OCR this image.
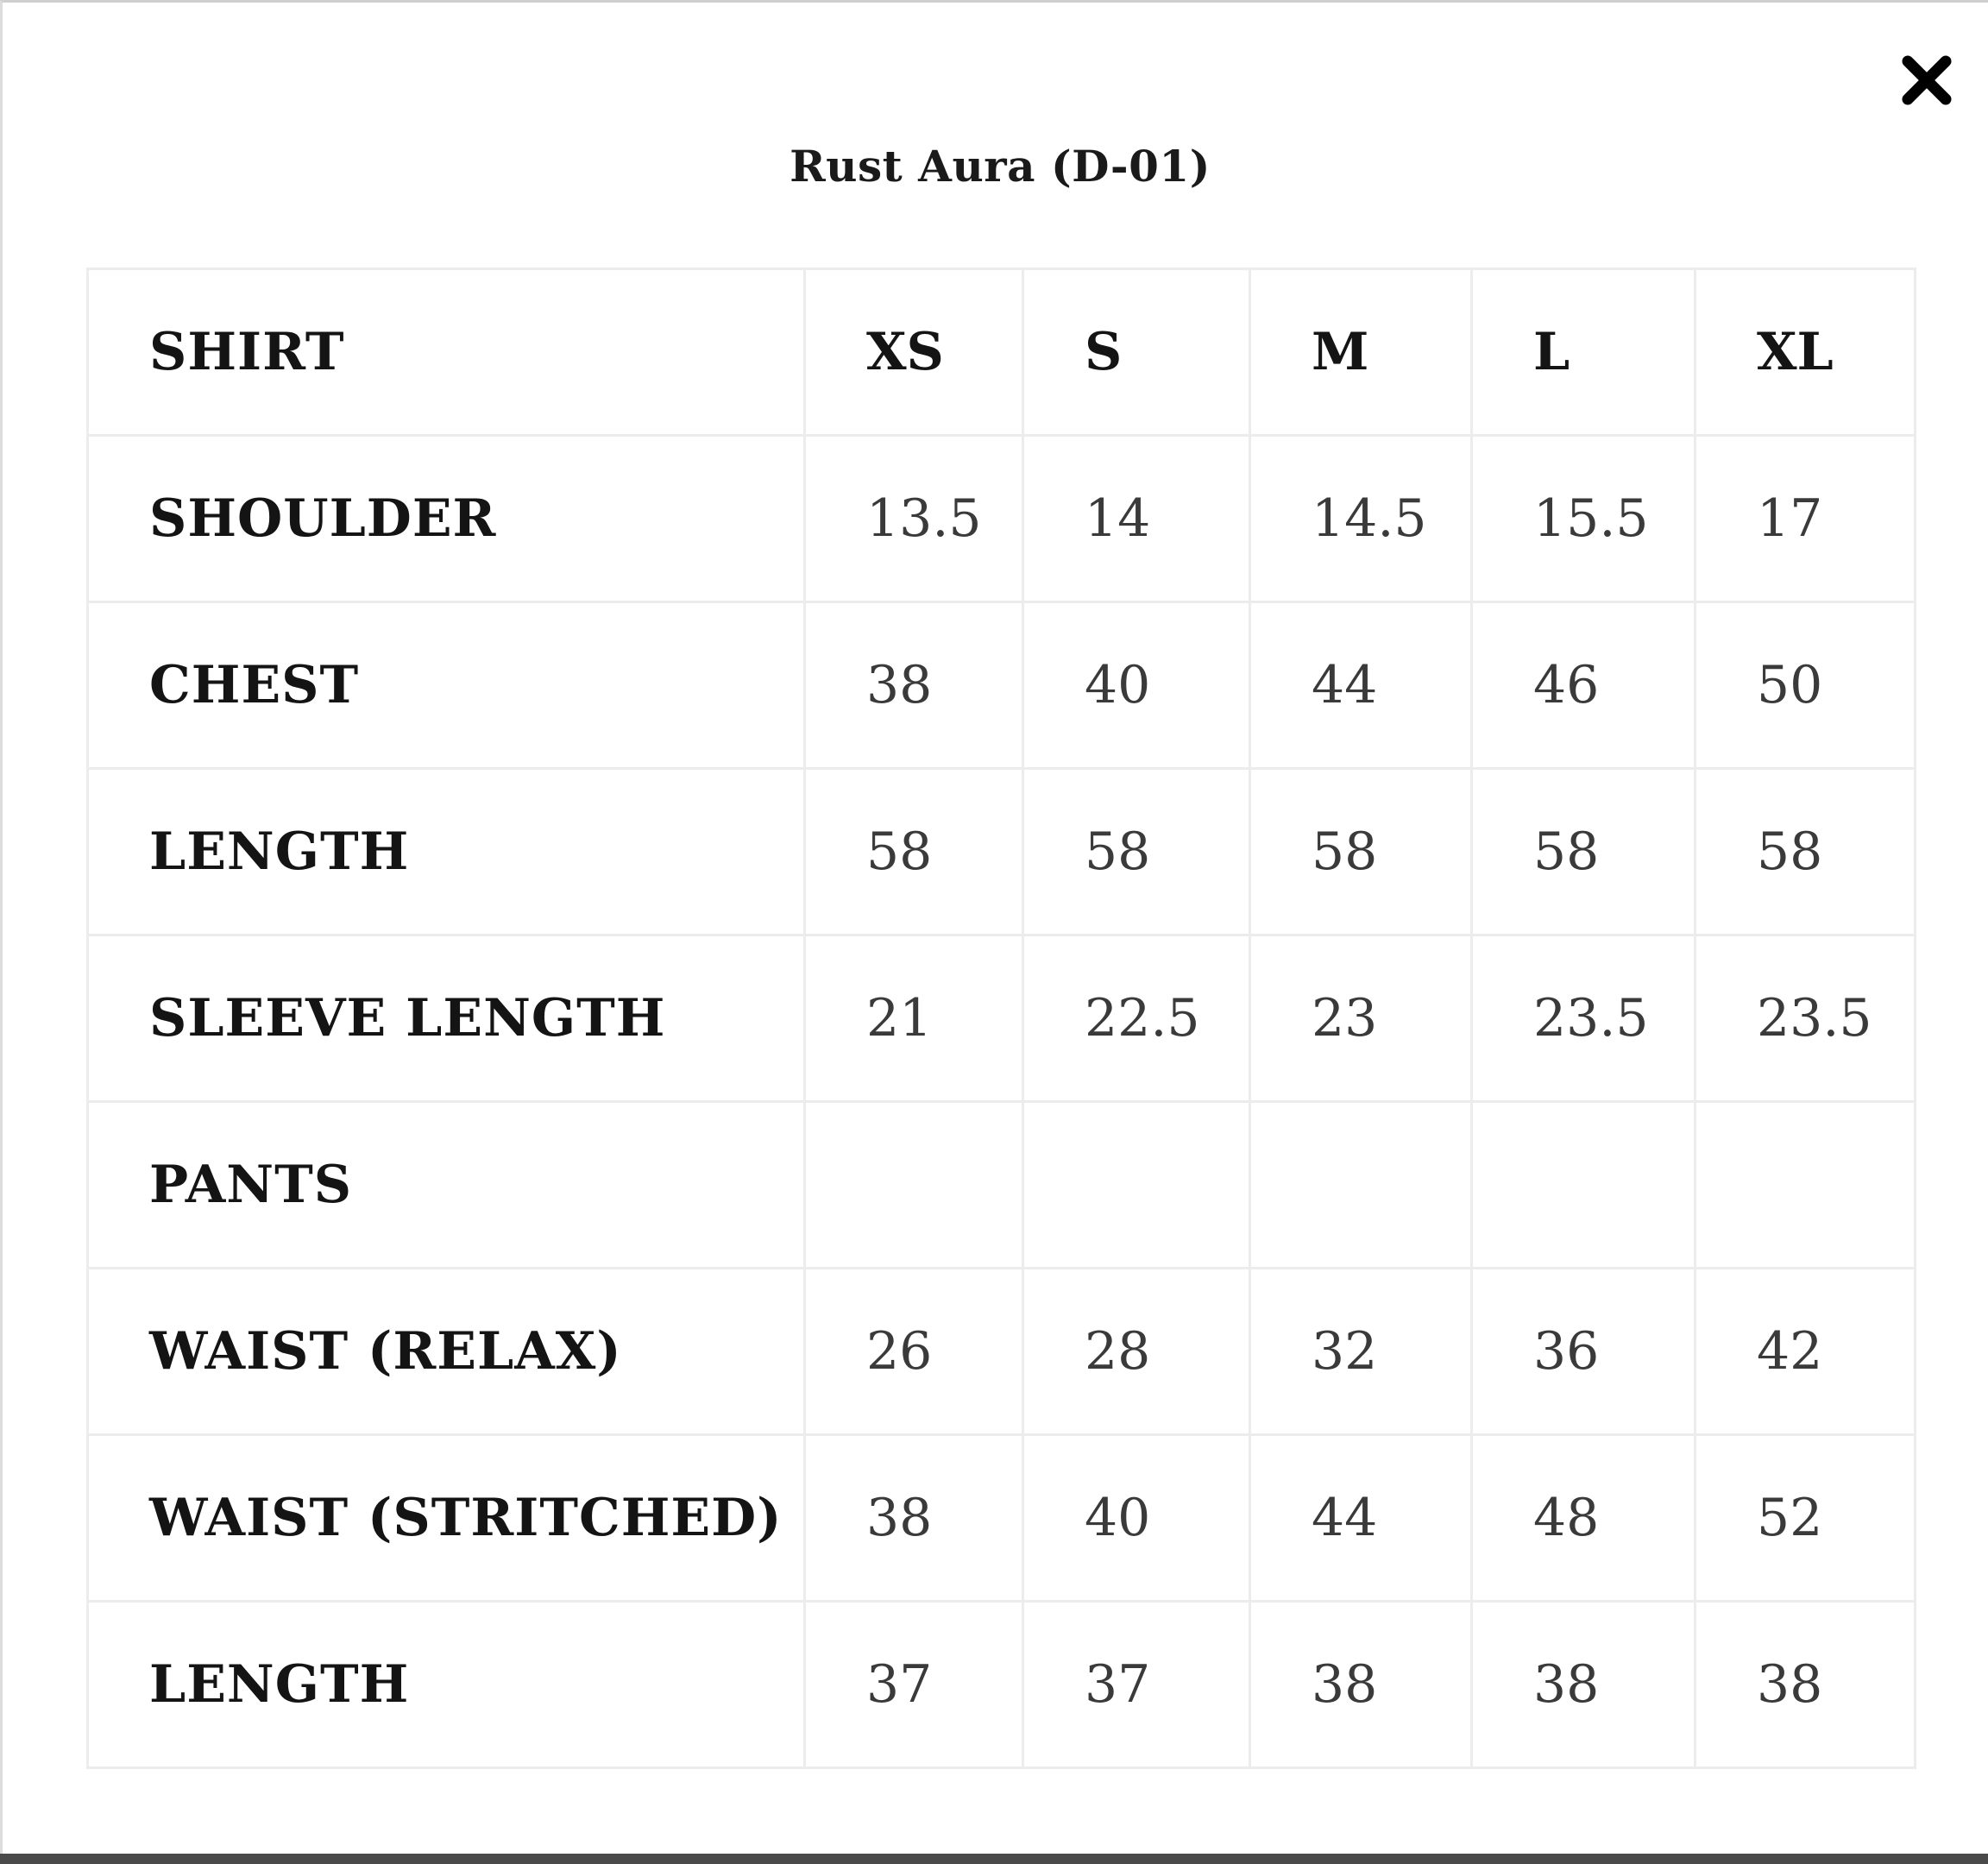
Rust Aura (D-01)
SHIRT	XS	S	M	L	XL
SHOULDER	13.5	14	14.5	15.5	17
CHEST	38	40	44	46	50
LENGTH	58	58	58	58	58
SLEEVE LENGTH	21	22.5	23	23.5	23.5
PANTS					
WAIST (RELAX)	26	28	32	36	42
WAIST (STRITCHED)	38	40	44	48	52
LENGTH	37	37	38	38	38
